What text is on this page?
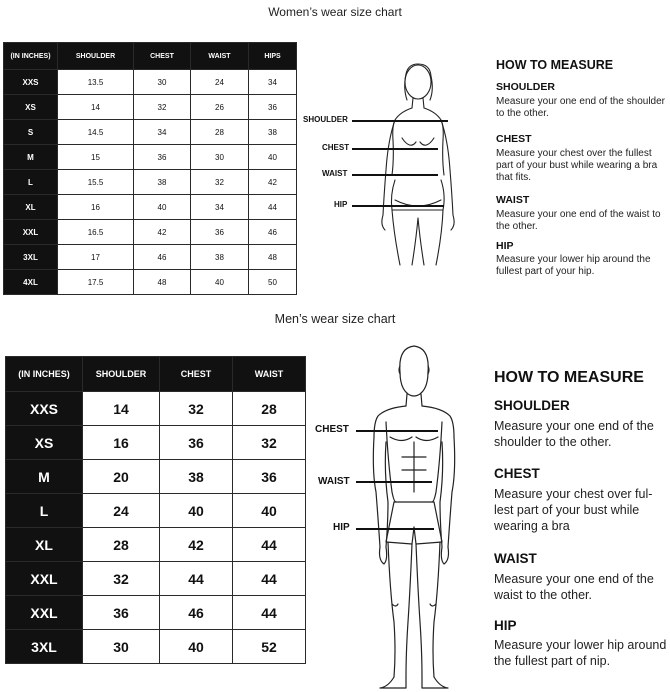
Women’s wear size chart
(IN INCHES)	SHOULDER	CHEST	WAIST	HIPS
XXS	13.5	30	24	34
XS	14	32	26	36
S	14.5	34	28	38
M	15	36	30	40
L	15.5	38	32	42
XL	16	40	34	44
XXL	16.5	42	36	46
3XL	17	46	38	48
4XL	17.5	48	40	50
SHOULDER
CHEST
WAIST
HIP
HOW TO MEASURE
SHOULDER
Measure your one end of the shoulder to the other.
CHEST
Measure your chest over the fullest part of your bust while wearing a bra that fits.
WAIST
Measure your one end of the waist to the other.
HIP
Measure your lower hip around the fullest part of your hip.
Men’s wear size chart
(IN INCHES)	SHOULDER	CHEST	WAIST
XXS	14	32	28
XS	16	36	32
M	20	38	36
L	24	40	40
XL	28	42	44
XXL	32	44	44
XXL	36	46	44
3XL	30	40	52
CHEST
WAIST
HIP
HOW TO MEASURE
SHOULDER
Measure your one end of the shoulder to the other.
CHEST
Measure your chest over ful-lest part of your bust while wearing a bra
WAIST
Measure your one end of the waist to the other.
HIP
Measure your lower hip around the fullest part of nip.
